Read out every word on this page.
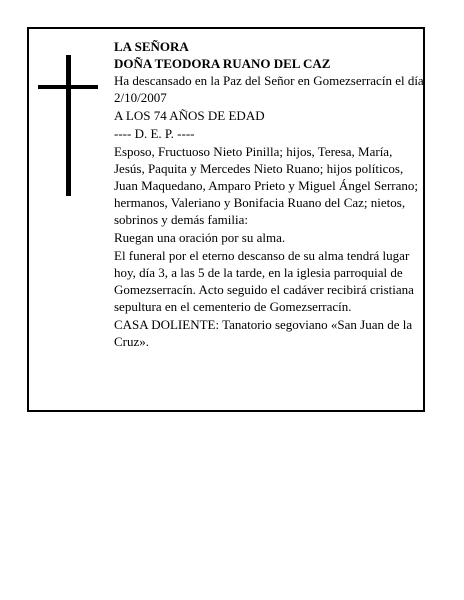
LA SEÑORA

DOÑA TEODORA RUANO DEL CAZ

Ha descansado en la Paz del Señor en Gomezserracín el día 2/10/2007

A LOS 74 AÑOS DE EDAD

---- D. E. P. ----

Esposo, Fructuoso Nieto Pinilla; hijos, Teresa, María, Jesús, Paquita y Mercedes Nieto Ruano; hijos políticos, Juan Maquedano, Amparo Prieto y Miguel Ángel Serrano; hermanos, Valeriano y Bonifacia Ruano del Caz; nietos, sobrinos y demás familia:

Ruegan una oración por su alma.

El funeral por el eterno descanso de su alma tendrá lugar hoy, día 3, a las 5 de la tarde, en la iglesia parroquial de Gomezserracín. Acto seguido el cadáver recibirá cristiana sepultura en el cementerio de Gomezserracín.

CASA DOLIENTE: Tanatorio segoviano «San Juan de la Cruz».
